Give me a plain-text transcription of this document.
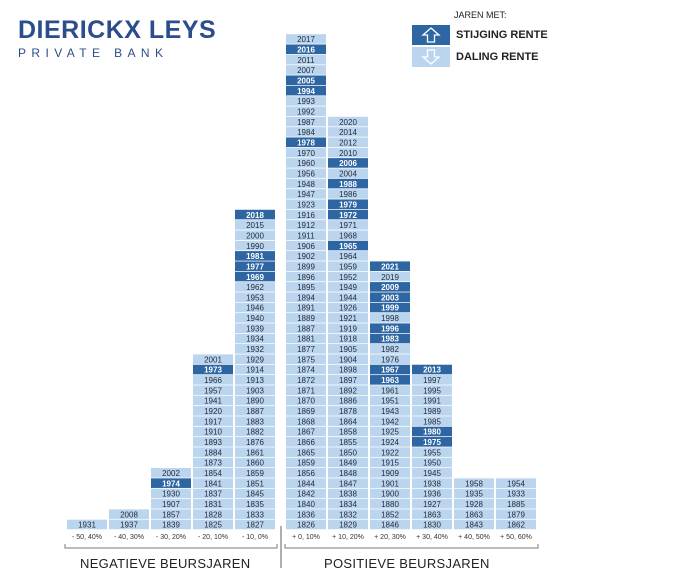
DIERICKX LEYS
PRIVATE BANK
JAREN MET:
STIJGING RENTE
DALING RENTE
1931
- 50, 40%
1937
2008
- 40, 30%
1839
1857
1907
1930
1974
2002
- 30, 20%
1825
1828
1831
1837
1841
1854
1873
1884
1893
1910
1917
1920
1941
1957
1966
1973
2001
- 20, 10%
1827
1833
1835
1845
1851
1859
1860
1861
1876
1882
1883
1887
1890
1903
1913
1914
1929
1932
1934
1939
1940
1946
1953
1962
1969
1977
1981
1990
2000
2015
2018
- 10, 0%
1826
1836
1840
1842
1844
1856
1859
1865
1866
1867
1868
1869
1870
1871
1872
1874
1875
1877
1881
1887
1889
1891
1894
1895
1896
1899
1902
1906
1911
1912
1916
1923
1947
1948
1956
1960
1970
1978
1984
1987
1992
1993
1994
2005
2007
2011
2016
2017
+ 0, 10%
1829
1832
1834
1838
1847
1848
1849
1850
1855
1858
1864
1878
1886
1892
1897
1898
1904
1905
1918
1919
1921
1926
1944
1949
1952
1959
1964
1965
1968
1971
1972
1979
1986
1988
2004
2006
2010
2012
2014
2020
+ 10, 20%
1846
1852
1880
1900
1901
1909
1915
1922
1924
1925
1942
1943
1951
1961
1963
1967
1976
1982
1983
1996
1998
1999
2003
2009
2019
2021
+ 20, 30%
1830
1863
1927
1936
1938
1945
1950
1955
1975
1980
1985
1989
1991
1995
1997
2013
+ 30, 40%
1843
1863
1928
1935
1958
+ 40, 50%
1862
1879
1885
1933
1954
+ 50, 60%
NEGATIEVE BEURSJAREN	POSITIEVE BEURSJAREN
